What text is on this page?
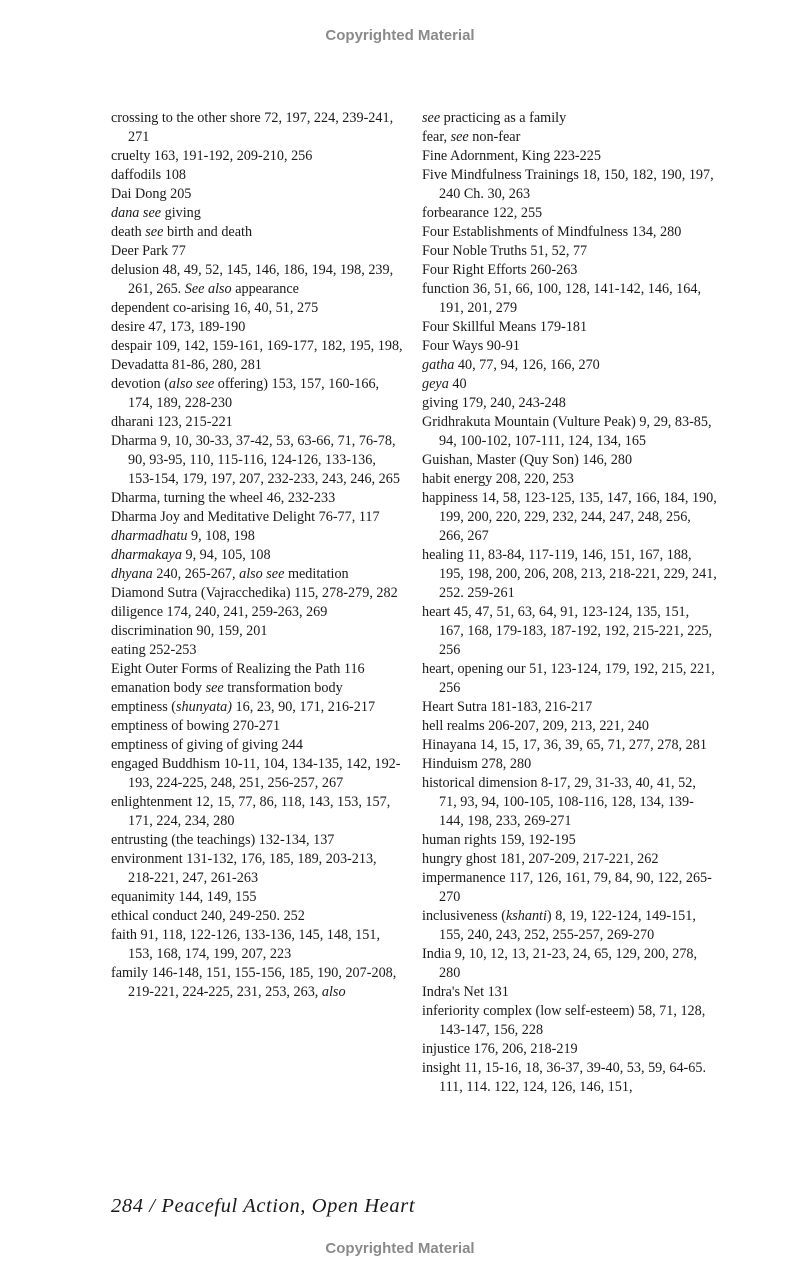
Copyrighted Material
crossing to the other shore 72, 197, 224, 239-241, 271
cruelty 163, 191-192, 209-210, 256
daffodils 108
Dai Dong 205
dana see giving
death see birth and death
Deer Park 77
delusion 48, 49, 52, 145, 146, 186, 194, 198, 239, 261, 265. See also appearance
dependent co-arising 16, 40, 51, 275
desire 47, 173, 189-190
despair 109, 142, 159-161, 169-177, 182, 195, 198,
Devadatta 81-86, 280, 281
devotion (also see offering) 153, 157, 160-166, 174, 189, 228-230
dharani 123, 215-221
Dharma 9, 10, 30-33, 37-42, 53, 63-66, 71, 76-78, 90, 93-95, 110, 115-116, 124-126, 133-136, 153-154, 179, 197, 207, 232-233, 243, 246, 265
Dharma, turning the wheel 46, 232-233
Dharma Joy and Meditative Delight 76-77, 117
dharmadhatu 9, 108, 198
dharmakaya 9, 94, 105, 108
dhyana 240, 265-267, also see meditation
Diamond Sutra (Vajracchedika) 115, 278-279, 282
diligence 174, 240, 241, 259-263, 269
discrimination 90, 159, 201
eating 252-253
Eight Outer Forms of Realizing the Path 116
emanation body see transformation body
emptiness (shunyata) 16, 23, 90, 171, 216-217
emptiness of bowing 270-271
emptiness of giving of giving 244
engaged Buddhism 10-11, 104, 134-135, 142, 192-193, 224-225, 248, 251, 256-257, 267
enlightenment 12, 15, 77, 86, 118, 143, 153, 157, 171, 224, 234, 280
entrusting (the teachings) 132-134, 137
environment 131-132, 176, 185, 189, 203-213, 218-221, 247, 261-263
equanimity 144, 149, 155
ethical conduct 240, 249-250. 252
faith 91, 118, 122-126, 133-136, 145, 148, 151, 153, 168, 174, 199, 207, 223
family 146-148, 151, 155-156, 185, 190, 207-208, 219-221, 224-225, 231, 253, 263, also
see practicing as a family
fear, see non-fear
Fine Adornment, King 223-225
Five Mindfulness Trainings 18, 150, 182, 190, 197, 240 Ch. 30, 263
forbearance 122, 255
Four Establishments of Mindfulness 134, 280
Four Noble Truths 51, 52, 77
Four Right Efforts 260-263
function 36, 51, 66, 100, 128, 141-142, 146, 164, 191, 201, 279
Four Skillful Means 179-181
Four Ways 90-91
gatha 40, 77, 94, 126, 166, 270
geya 40
giving 179, 240, 243-248
Gridhrakuta Mountain (Vulture Peak) 9, 29, 83-85, 94, 100-102, 107-111, 124, 134, 165
Guishan, Master (Quy Son) 146, 280
habit energy 208, 220, 253
happiness 14, 58, 123-125, 135, 147, 166, 184, 190, 199, 200, 220, 229, 232, 244, 247, 248, 256, 266, 267
healing 11, 83-84, 117-119, 146, 151, 167, 188, 195, 198, 200, 206, 208, 213, 218-221, 229, 241, 252. 259-261
heart 45, 47, 51, 63, 64, 91, 123-124, 135, 151, 167, 168, 179-183, 187-192, 192, 215-221, 225, 256
heart, opening our 51, 123-124, 179, 192, 215, 221, 256
Heart Sutra 181-183, 216-217
hell realms 206-207, 209, 213, 221, 240
Hinayana 14, 15, 17, 36, 39, 65, 71, 277, 278, 281
Hinduism 278, 280
historical dimension 8-17, 29, 31-33, 40, 41, 52, 71, 93, 94, 100-105, 108-116, 128, 134, 139-144, 198, 233, 269-271
human rights 159, 192-195
hungry ghost 181, 207-209, 217-221, 262
impermanence 117, 126, 161, 79, 84, 90, 122, 265-270
inclusiveness (kshanti) 8, 19, 122-124, 149-151, 155, 240, 243, 252, 255-257, 269-270
India 9, 10, 12, 13, 21-23, 24, 65, 129, 200, 278, 280
Indra's Net 131
inferiority complex (low self-esteem) 58, 71, 128, 143-147, 156, 228
injustice 176, 206, 218-219
insight 11, 15-16, 18, 36-37, 39-40, 53, 59, 64-65. 111, 114. 122, 124, 126, 146, 151,
284 / Peaceful Action, Open Heart
Copyrighted Material
